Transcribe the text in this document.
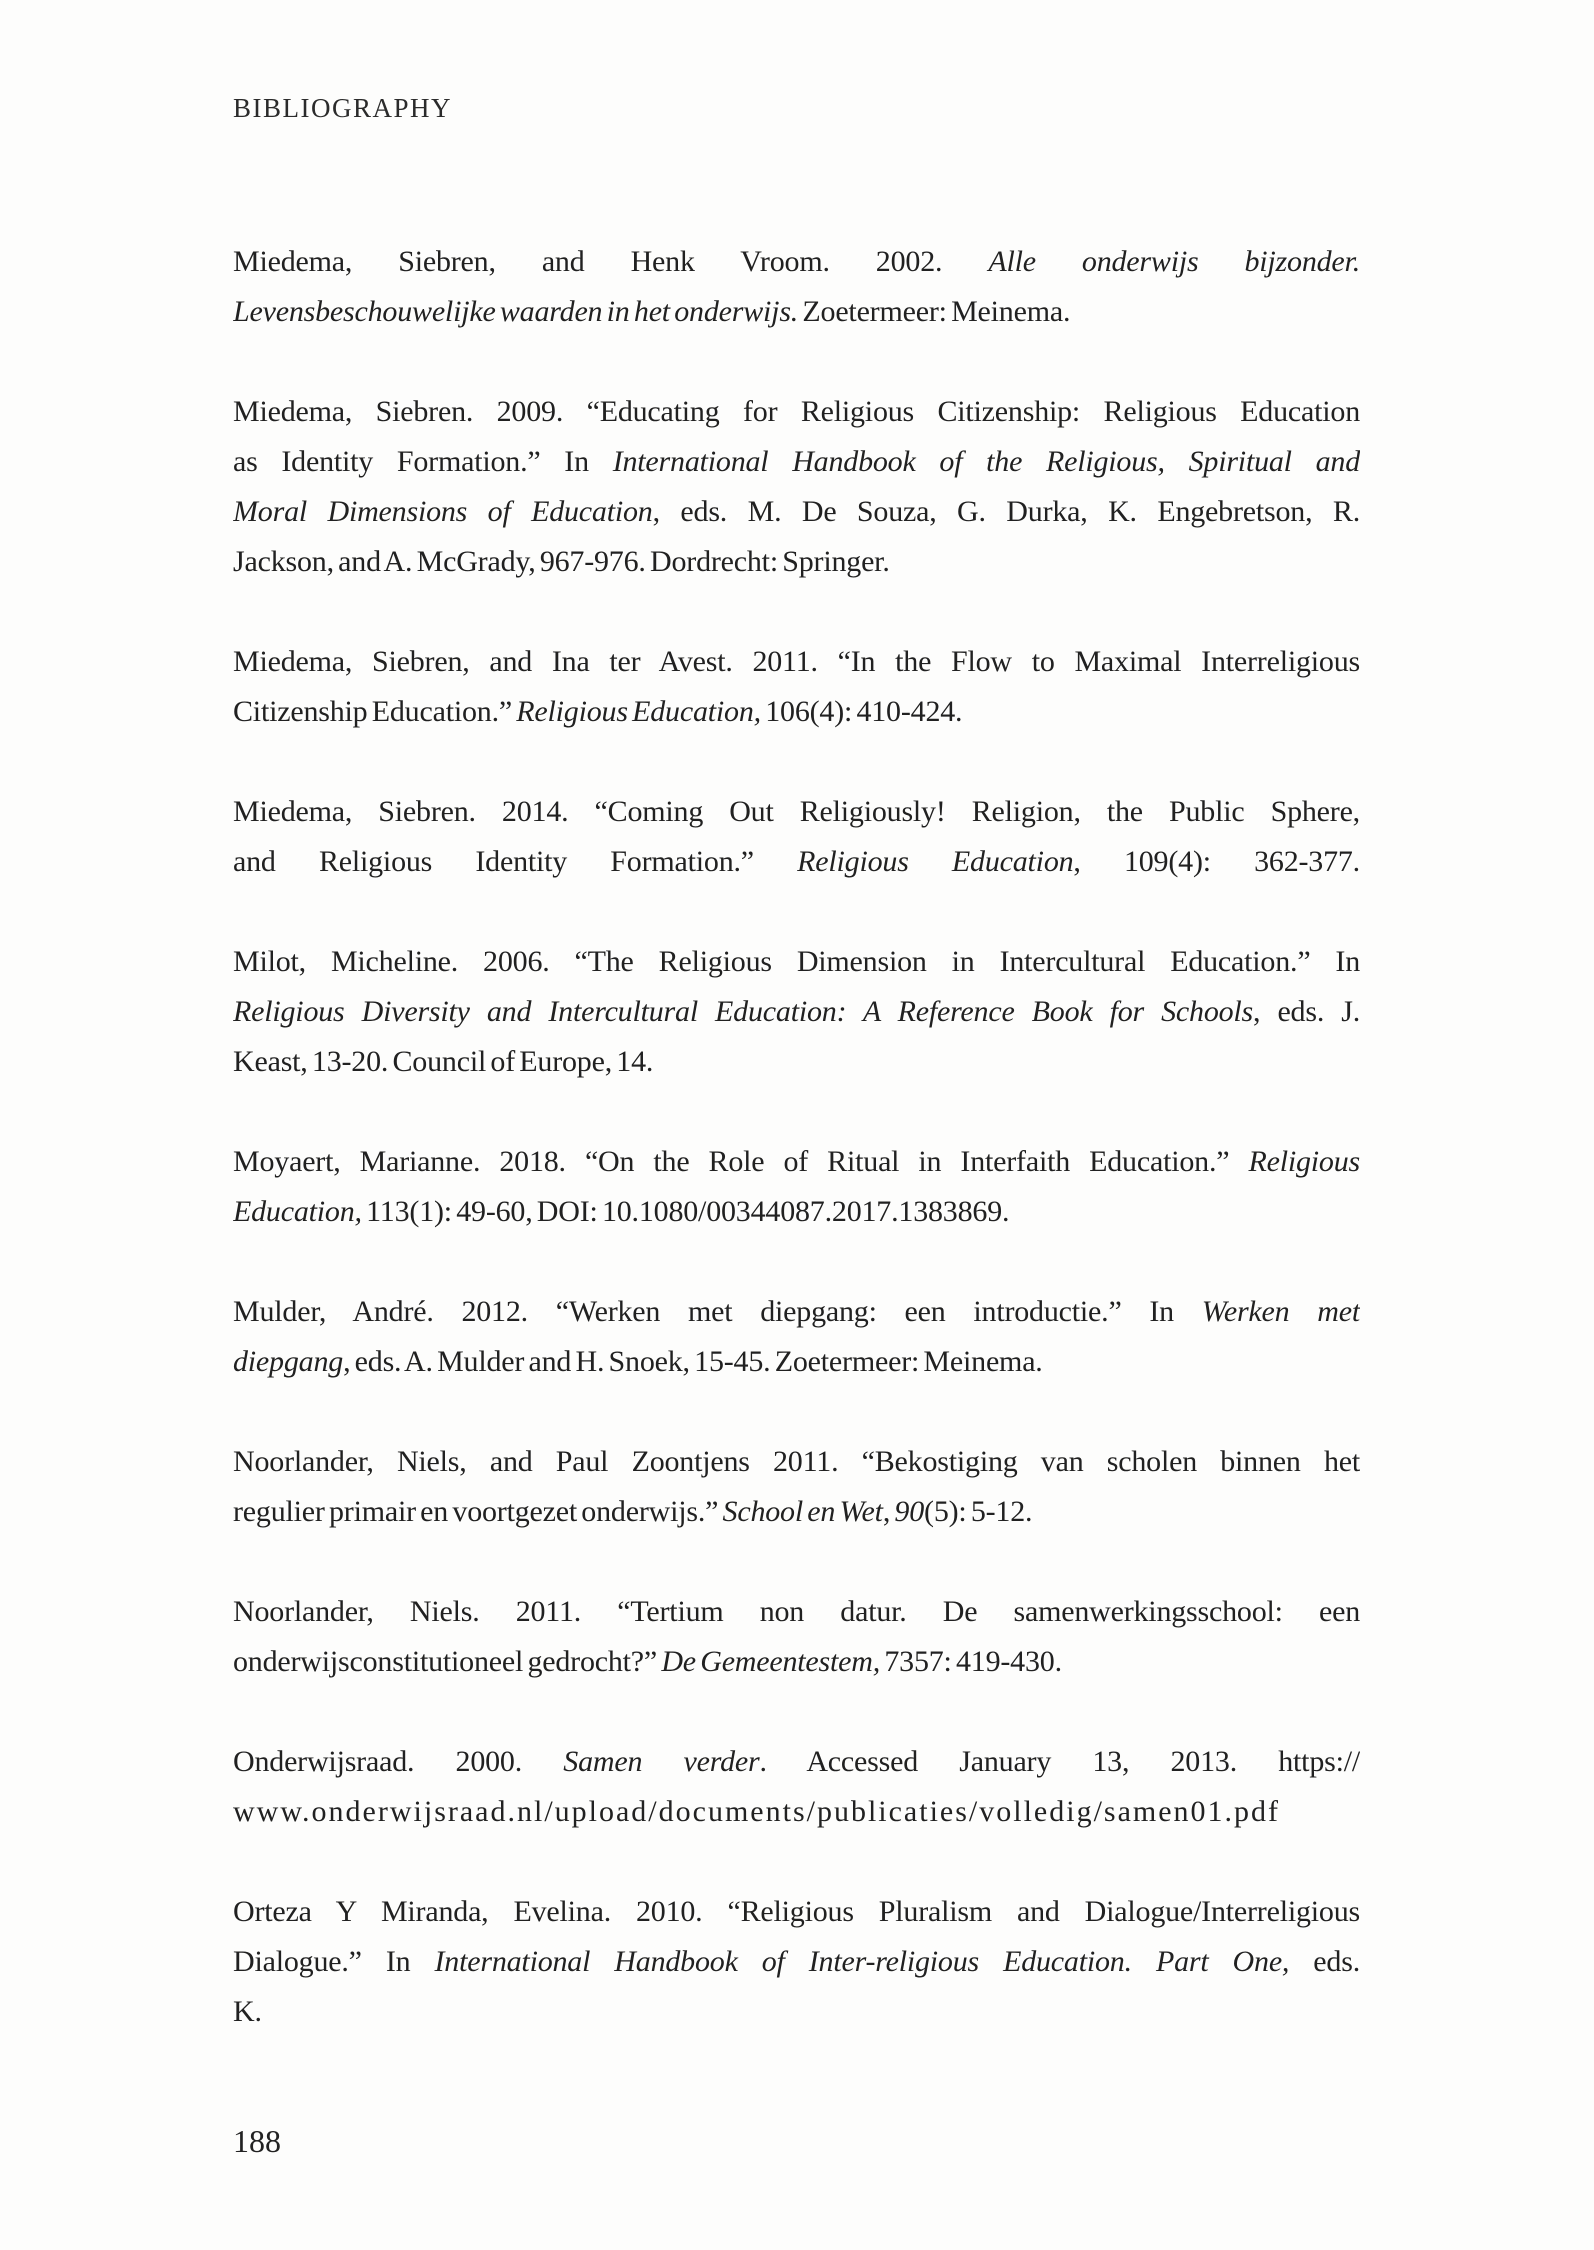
BIBLIOGRAPHY
Miedema, Siebren, and Henk Vroom. 2002. Alle onderwijs bijzonder.
Levensbeschouwelijke waarden in het onderwijs. Zoetermeer: Meinema.
Miedema, Siebren. 2009. “Educating for Religious Citizenship: Religious Education
as Identity Formation.” In International Handbook of the Religious, Spiritual and
Moral Dimensions of Education, eds. M. De Souza, G. Durka, K. Engebretson, R.
Jackson, and A. McGrady, 967-976. Dordrecht: Springer.
Miedema, Siebren, and Ina ter Avest. 2011. “In the Flow to Maximal Interreligious
Citizenship Education.” Religious Education, 106(4): 410-424.
Miedema, Siebren. 2014. “Coming Out Religiously! Religion, the Public Sphere,
and Religious Identity Formation.” Religious Education, 109(4): 362-377.
Milot, Micheline. 2006. “The Religious Dimension in Intercultural Education.” In
Religious Diversity and Intercultural Education: A Reference Book for Schools, eds. J.
Keast, 13-20. Council of Europe, 14.
Moyaert, Marianne. 2018. “On the Role of Ritual in Interfaith Education.” Religious
Education, 113(1): 49-60, DOI: 10.1080/00344087.2017.1383869.
Mulder, André. 2012. “Werken met diepgang: een introductie.” In Werken met
diepgang, eds. A. Mulder and H. Snoek, 15-45. Zoetermeer: Meinema.
Noorlander, Niels, and Paul Zoontjens 2011. “Bekostiging van scholen binnen het
regulier primair en voortgezet onderwijs.” School en Wet, 90(5): 5-12.
Noorlander, Niels. 2011. “Tertium non datur. De samenwerkingsschool: een
onderwijsconstitutioneel gedrocht?” De Gemeentestem, 7357: 419-430.
Onderwijsraad. 2000. Samen verder. Accessed January 13, 2013. https://
www.onderwijsraad.nl/upload/documents/publicaties/volledig/samen01.pdf
Orteza Y Miranda, Evelina. 2010. “Religious Pluralism and Dialogue/Interreligious
Dialogue.” In International Handbook of Inter-religious Education. Part One, eds.
K.
188
